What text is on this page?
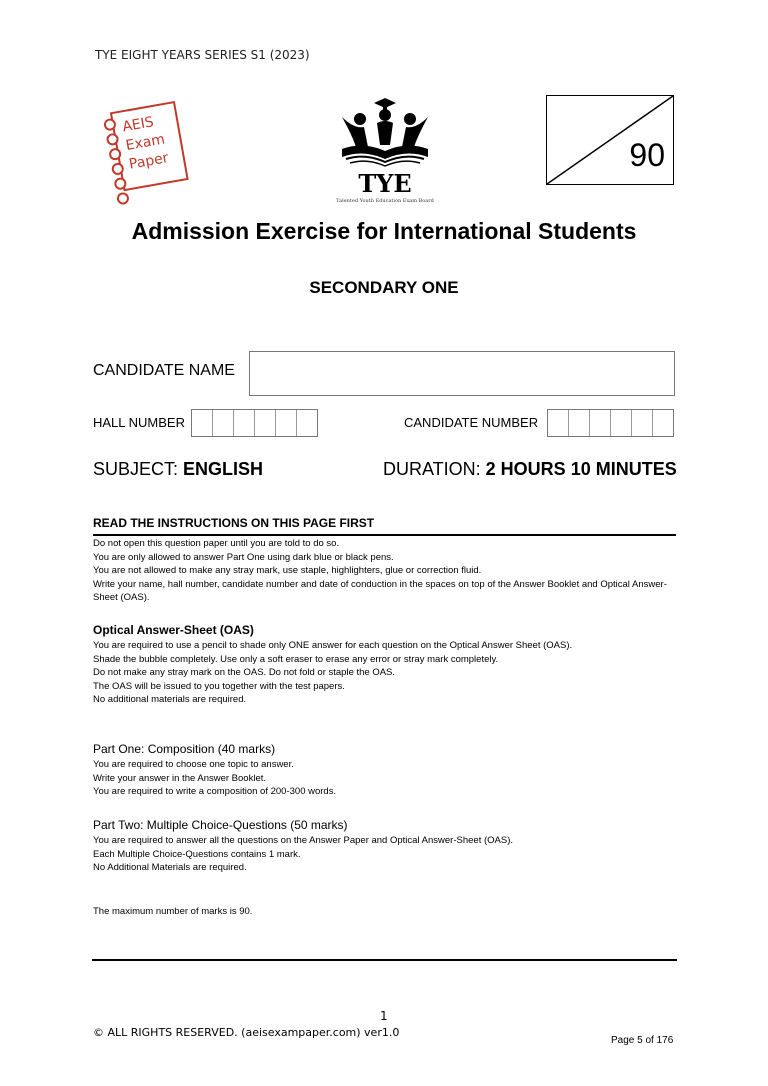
TYE EIGHT YEARS SERIES S1 (2023)
AEIS
Exam
Paper
TYE
Talented Youth Education Exam Board
90
Admission Exercise for International Students
SECONDARY ONE
CANDIDATE NAME
HALL NUMBER	CANDIDATE NUMBER
SUBJECT: ENGLISH	DURATION: 2 HOURS 10 MINUTES
READ THE INSTRUCTIONS ON THIS PAGE FIRST

Do not open this question paper until you are told to do so.

You are only allowed to answer Part One using dark blue or black pens.

You are not allowed to make any stray mark, use staple, highlighters, glue or correction fluid.

Write your name, hall number, candidate number and date of conduction in the spaces on top of the Answer Booklet and Optical Answer-Sheet (OAS).

Optical Answer-Sheet (OAS)

You are required to use a pencil to shade only ONE answer for each question on the Optical Answer Sheet (OAS).

Shade the bubble completely. Use only a soft eraser to erase any error or stray mark completely.

Do not make any stray mark on the OAS. Do not fold or staple the OAS.

The OAS will be issued to you together with the test papers.

No additional materials are required.

Part One: Composition (40 marks)

You are required to choose one topic to answer.

Write your answer in the Answer Booklet.

You are required to write a composition of 200-300 words.

Part Two: Multiple Choice-Questions (50 marks)

You are required to answer all the questions on the Answer Paper and Optical Answer-Sheet (OAS).

Each Multiple Choice-Questions contains 1 mark.

No Additional Materials are required.

The maximum number of marks is 90.
1
© ALL RIGHTS RESERVED. (aeisexampaper.com) ver1.0
Page 5 of 176
